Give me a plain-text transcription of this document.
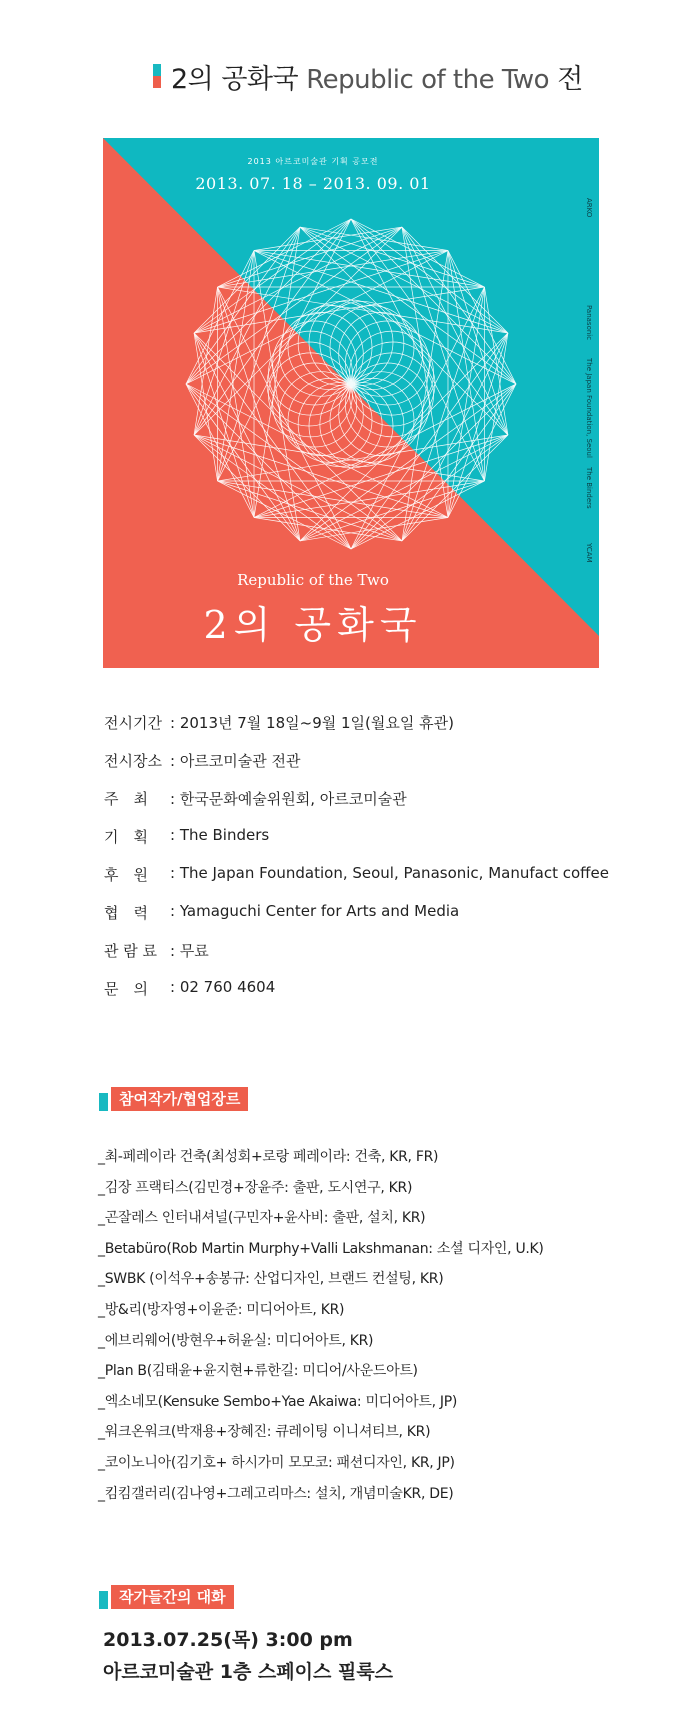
2의 공화국 Republic of the Two 전
2013 아르코미술관 기획 공모전
2013. 07. 18 – 2013. 09. 01
Republic of the Two
2의 공화국
ARKO
Panasonic
The Japan Foundation, Seoul
The Binders
YCAM
전시기간 : 2013년 7월 18일~9월 1일(월요일 휴관)
전시장소 : 아르코미술관 전관
주최 : 한국문화예술위원회, 아르코미술관
기획 : The Binders
후원 : The Japan Foundation, Seoul, Panasonic, Manufact coffee
협력 : Yamaguchi Center for Arts and Media
관 람 료 : 무료
문의 : 02 760 4604
참여작가/협업장르
_최-페레이라 건축(최성회+로랑 페레이라: 건축, KR, FR)
_김장 프랙티스(김민경+장윤주: 출판, 도시연구, KR)
_곤잘레스 인터내셔널(구민자+윤사비: 출판, 설치, KR)
_Betabüro(Rob Martin Murphy+Valli Lakshmanan: 소셜 디자인, U.K)
_SWBK (이석우+송봉규: 산업디자인, 브랜드 컨설팅, KR)
_방&리(방자영+이윤준: 미디어아트, KR)
_에브리웨어(방현우+허윤실: 미디어아트, KR)
_Plan B(김태윤+윤지현+류한길: 미디어/사운드아트)
_엑소네모(Kensuke Sembo+Yae Akaiwa: 미디어아트, JP)
_워크온워크(박재용+장혜진: 큐레이팅 이니셔티브, KR)
_코이노니아(김기호+ 하시가미 모모코: 패션디자인, KR, JP)
_킴킴갤러리(김나영+그레고리마스: 설치, 개념미술KR, DE)
작가들간의 대화
2013.07.25(목) 3:00 pm
아르코미술관 1층 스페이스 필룩스
